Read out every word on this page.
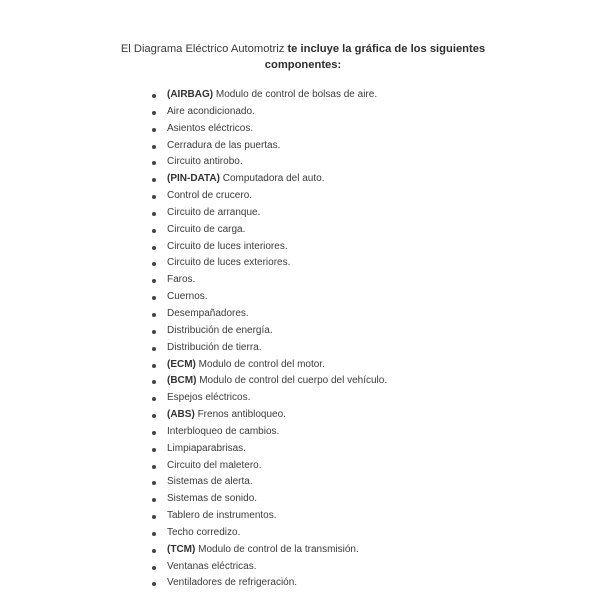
El Diagrama Eléctrico Automotriz te incluye la gráfica de los siguientes componentes:
(AIRBAG) Modulo de control de bolsas de aire.
Aire acondicionado.
Asientos eléctricos.
Cerradura de las puertas.
Circuito antirobo.
(PIN-DATA) Computadora del auto.
Control de crucero.
Circuito de arranque.
Circuito de carga.
Circuito de luces interiores.
Circuito de luces exteriores.
Faros.
Cuernos.
Desempañadores.
Distribución de energía.
Distribución de tierra.
(ECM) Modulo de control del motor.
(BCM) Modulo de control del cuerpo del vehículo.
Espejos eléctricos.
(ABS) Frenos antibloqueo.
Interbloqueo de cambios.
Limpiaparabrisas.
Circuito del maletero.
Sistemas de alerta.
Sistemas de sonido.
Tablero de instrumentos.
Techo corredizo.
(TCM) Modulo de control de la transmisión.
Ventanas eléctricas.
Ventiladores de refrigeración.
